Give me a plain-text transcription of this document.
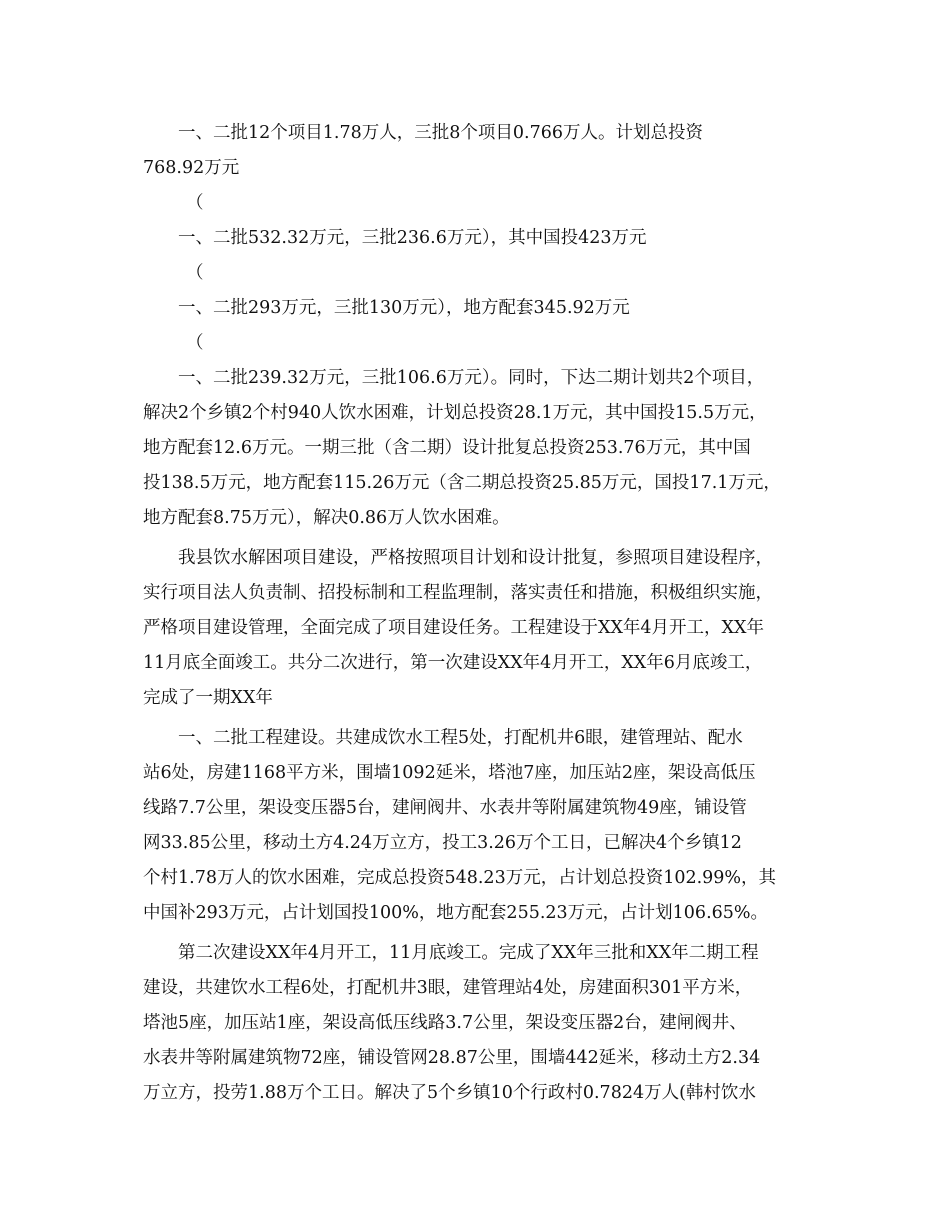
一、二批12个项目1.78万人，三批8个项目0.766万人。计划总投资
768.92万元
（
一、二批532.32万元，三批236.6万元），其中国投423万元
（
一、二批293万元，三批130万元），地方配套345.92万元
（
一、二批239.32万元，三批106.6万元）。同时，下达二期计划共2个项目，
解决2个乡镇2个村940人饮水困难，计划总投资28.1万元，其中国投15.5万元，
地方配套12.6万元。一期三批（含二期）设计批复总投资253.76万元，其中国
投138.5万元，地方配套115.26万元（含二期总投资25.85万元，国投17.1万元，
地方配套8.75万元），解决0.86万人饮水困难。
我县饮水解困项目建设，严格按照项目计划和设计批复，参照项目建设程序，
实行项目法人负责制、招投标制和工程监理制，落实责任和措施，积极组织实施，
严格项目建设管理，全面完成了项目建设任务。工程建设于XX年4月开工，XX年
11月底全面竣工。共分二次进行，第一次建设XX年4月开工，XX年6月底竣工，
完成了一期XX年
一、二批工程建设。共建成饮水工程5处，打配机井6眼，建管理站、配水
站6处，房建1168平方米，围墙1092延米，塔池7座，加压站2座，架设高低压
线路7.7公里，架设变压器5台，建闸阀井、水表井等附属建筑物49座，铺设管
网33.85公里，移动土方4.24万立方，投工3.26万个工日，已解决4个乡镇12
个村1.78万人的饮水困难，完成总投资548.23万元，占计划总投资102.99%，其
中国补293万元，占计划国投100%，地方配套255.23万元，占计划106.65%。
第二次建设XX年4月开工，11月底竣工。完成了XX年三批和XX年二期工程
建设，共建饮水工程6处，打配机井3眼，建管理站4处，房建面积301平方米，
塔池5座，加压站1座，架设高低压线路3.7公里，架设变压器2台，建闸阀井、
水表井等附属建筑物72座，铺设管网28.87公里，围墙442延米，移动土方2.34
万立方，投劳1.88万个工日。解决了5个乡镇10个行政村0.7824万人(韩村饮水
